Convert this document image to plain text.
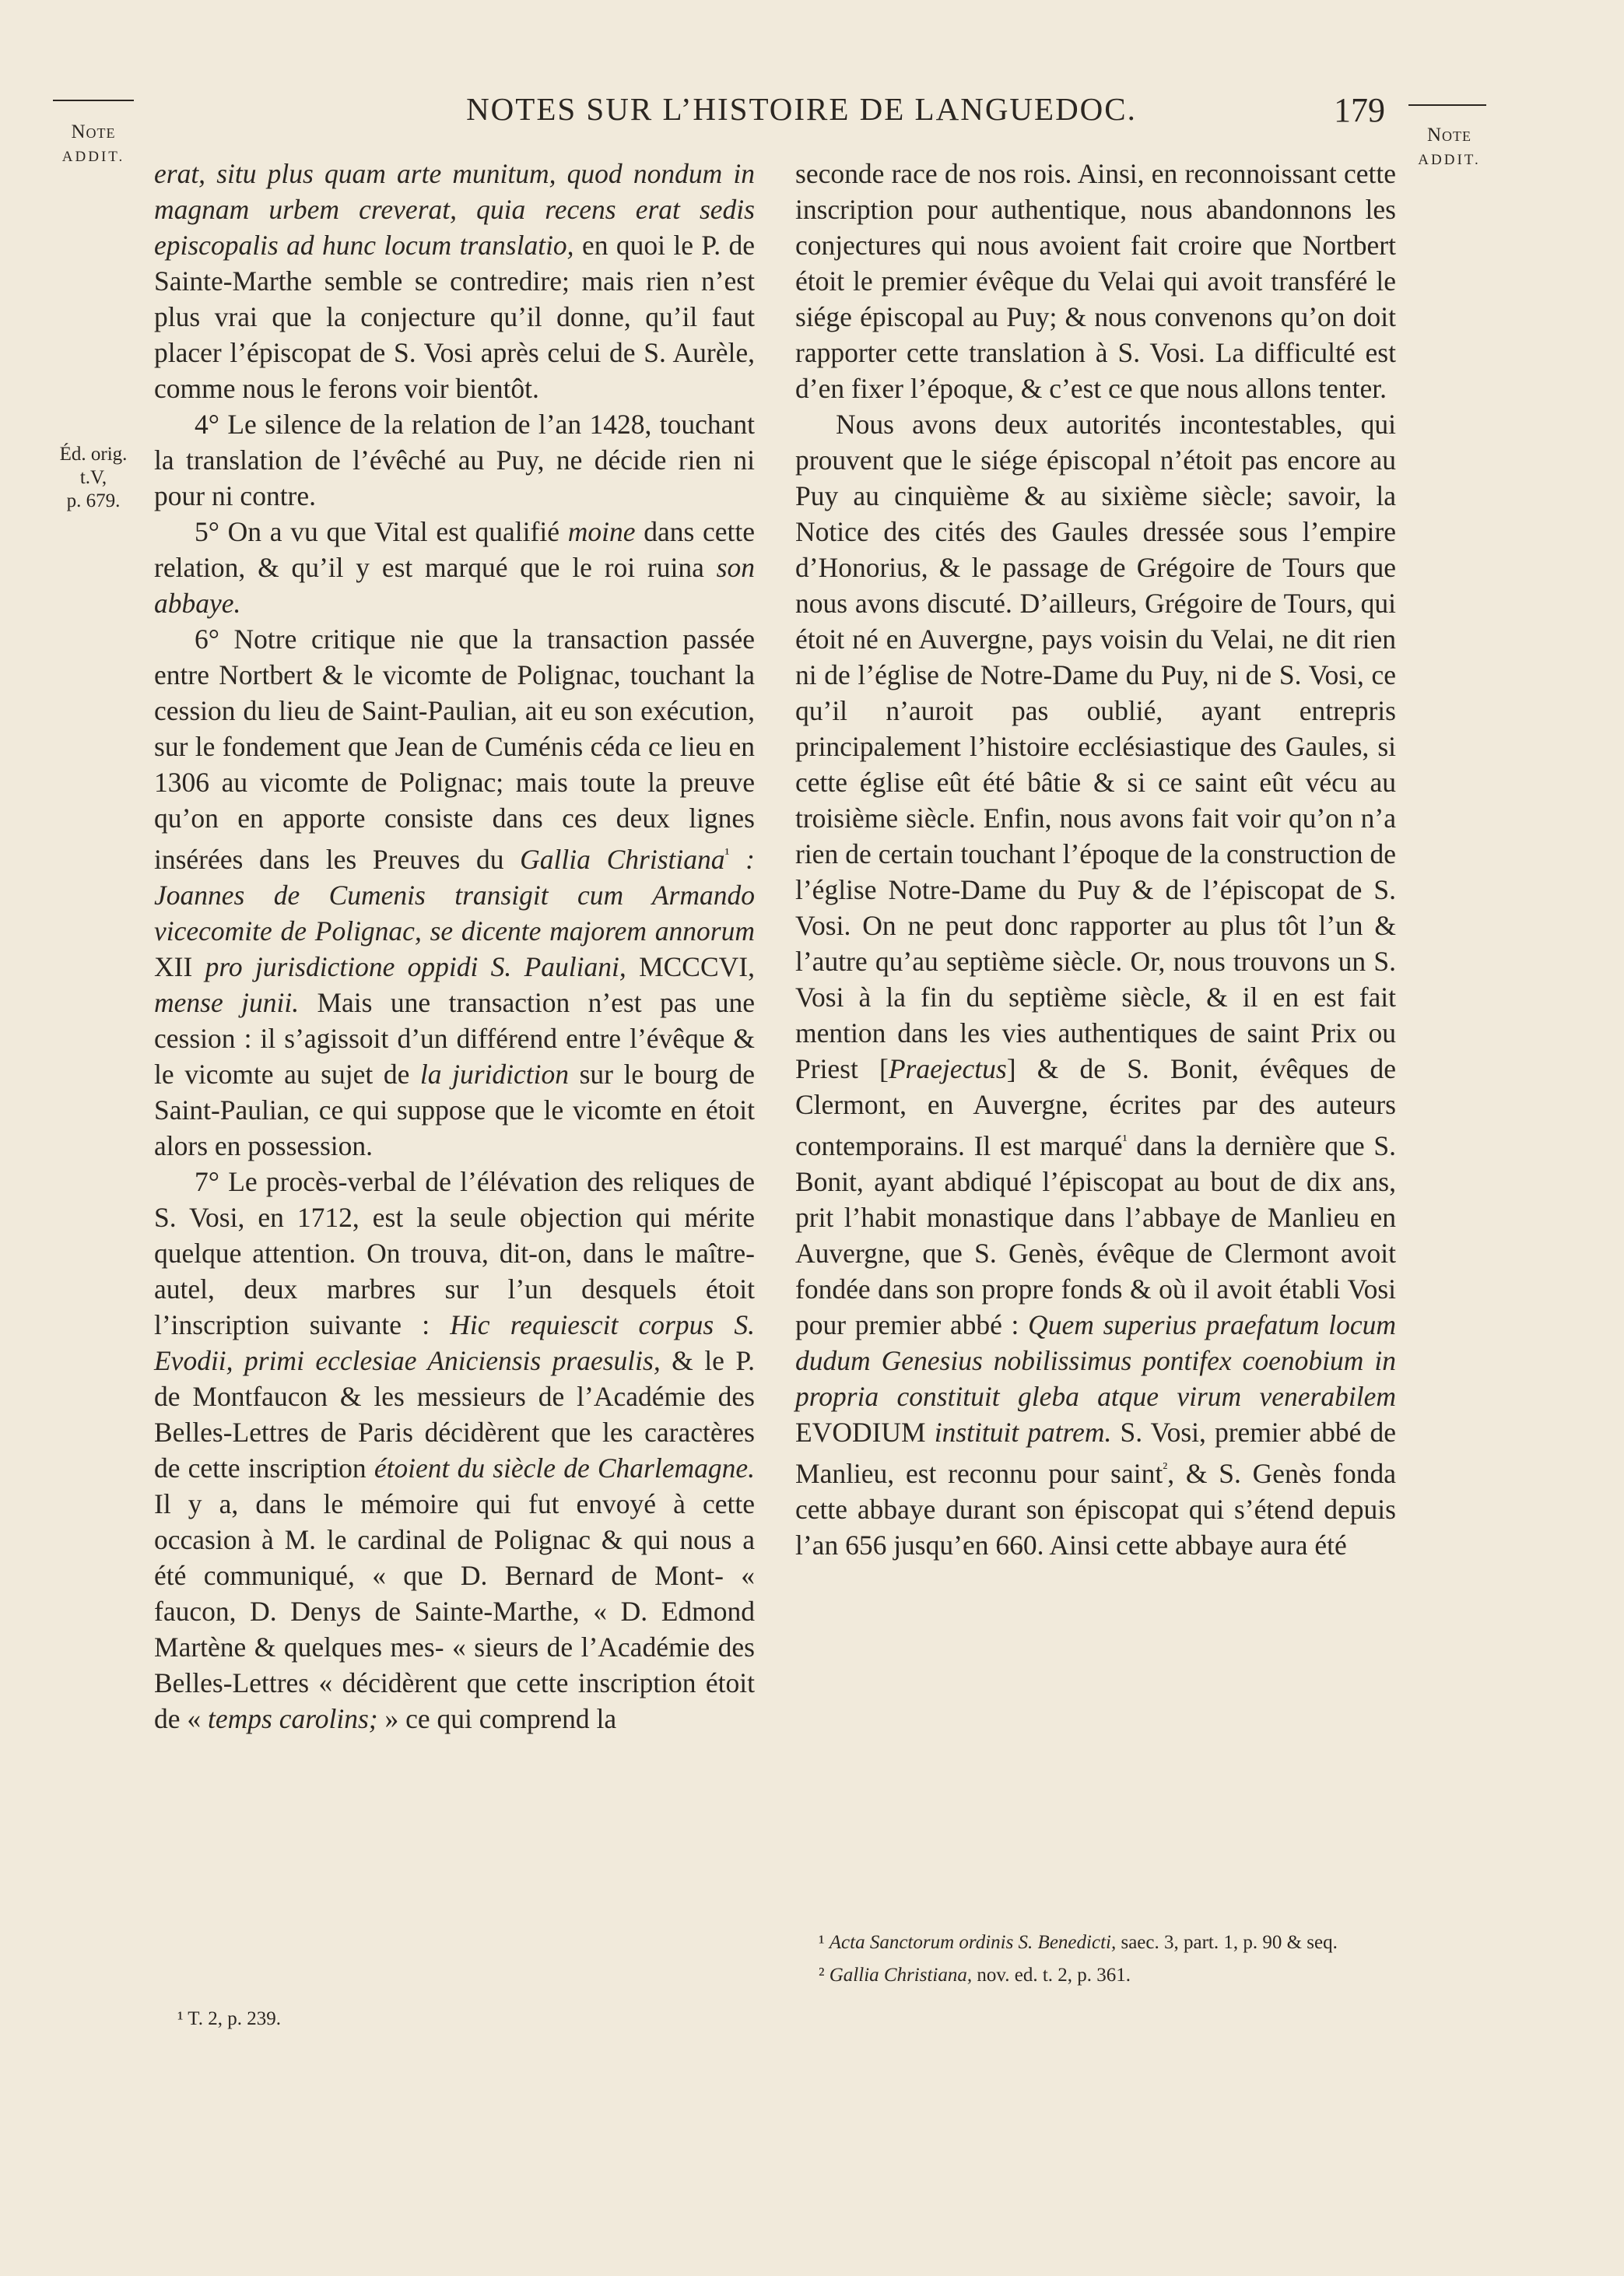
Note
ADDIT.
NOTES SUR L’HISTOIRE DE LANGUEDOC.	179
Note
ADDIT.
Éd. orig.
t.V,
p. 679.

erat, situ plus quam arte munitum, quod nondum in magnam urbem creverat, quia recens erat sedis episcopalis ad hunc locum translatio, en quoi le P. de Sainte-Marthe semble se contredire; mais rien n’est plus vrai que la conjecture qu’il donne, qu’il faut placer l’épiscopat de S. Vosi après celui de S. Aurèle, comme nous le ferons voir bientôt.

4° Le silence de la relation de l’an 1428, touchant la translation de l’évêché au Puy, ne décide rien ni pour ni contre.

5° On a vu que Vital est qualifié moine dans cette relation, & qu’il y est marqué que le roi ruina son abbaye.

6° Notre critique nie que la transaction passée entre Nortbert & le vicomte de Polignac, touchant la cession du lieu de Saint-Paulian, ait eu son exécution, sur le fondement que Jean de Cuménis céda ce lieu en 1306 au vicomte de Polignac; mais toute la preuve qu’on en apporte consiste dans ces deux lignes insérées dans les Preuves du Gallia Christiana$^{^1}$ : Joannes de Cumenis transigit cum Armando vicecomite de Polignac, se dicente majorem annorum XII pro jurisdictione oppidi S. Pauliani, MCCCVI, mense junii. Mais une transaction n’est pas une cession : il s’agissoit d’un différend entre l’évêque & le vicomte au sujet de la juridiction sur le bourg de Saint-Paulian, ce qui suppose que le vicomte en étoit alors en possession.

7° Le procès-verbal de l’élévation des reliques de S. Vosi, en 1712, est la seule objection qui mérite quelque attention. On trouva, dit-on, dans le maître-autel, deux marbres sur l’un desquels étoit l’inscription suivante : Hic requiescit corpus S. Evodii, primi ecclesiae Aniciensis praesulis, & le P. de Montfaucon & les messieurs de l’Académie des Belles-Lettres de Paris décidèrent que les caractères de cette inscription étoient du siècle de Charlemagne. Il y a, dans le mémoire qui fut envoyé à cette occasion à M. le cardinal de Polignac & qui nous a été communiqué, « que D. Bernard de Mont- « faucon, D. Denys de Sainte-Marthe, « D. Edmond Martène & quelques mes- « sieurs de l’Académie des Belles-Lettres « décidèrent que cette inscription étoit de « temps carolins; » ce qui comprend la

¹ T. 2, p. 239.

seconde race de nos rois. Ainsi, en reconnoissant cette inscription pour authentique, nous abandonnons les conjectures qui nous avoient fait croire que Nortbert étoit le premier évêque du Velai qui avoit transféré le siége épiscopal au Puy; & nous convenons qu’on doit rapporter cette translation à S. Vosi. La difficulté est d’en fixer l’époque, & c’est ce que nous allons tenter.

Nous avons deux autorités incontestables, qui prouvent que le siége épiscopal n’étoit pas encore au Puy au cinquième & au sixième siècle; savoir, la Notice des cités des Gaules dressée sous l’empire d’Honorius, & le passage de Grégoire de Tours que nous avons discuté. D’ailleurs, Grégoire de Tours, qui étoit né en Auvergne, pays voisin du Velai, ne dit rien ni de l’église de Notre-Dame du Puy, ni de S. Vosi, ce qu’il n’auroit pas oublié, ayant entrepris principalement l’histoire ecclésiastique des Gaules, si cette église eût été bâtie & si ce saint eût vécu au troisième siècle. Enfin, nous avons fait voir qu’on n’a rien de certain touchant l’époque de la construction de l’église Notre-Dame du Puy & de l’épiscopat de S. Vosi. On ne peut donc rapporter au plus tôt l’un & l’autre qu’au septième siècle. Or, nous trouvons un S. Vosi à la fin du septième siècle, & il en est fait mention dans les vies authentiques de saint Prix ou Priest [Praejectus] & de S. Bonit, évêques de Clermont, en Auvergne, écrites par des auteurs contemporains. Il est marqué$^{^1}$ dans la dernière que S. Bonit, ayant abdiqué l’épiscopat au bout de dix ans, prit l’habit monastique dans l’abbaye de Manlieu en Auvergne, que S. Genès, évêque de Clermont avoit fondée dans son propre fonds & où il avoit établi Vosi pour premier abbé : Quem superius praefatum locum dudum Genesius nobilissimus pontifex coenobium in propria constituit gleba atque virum venerabilem EVODIUM instituit patrem. S. Vosi, premier abbé de Manlieu, est reconnu pour saint$^{^2}$, & S. Genès fonda cette abbaye durant son épiscopat qui s’étend depuis l’an 656 jusqu’en 660. Ainsi cette abbaye aura été

¹ Acta Sanctorum ordinis S. Benedicti, saec. 3, part. 1, p. 90 & seq.
² Gallia Christiana, nov. ed. t. 2, p. 361.
